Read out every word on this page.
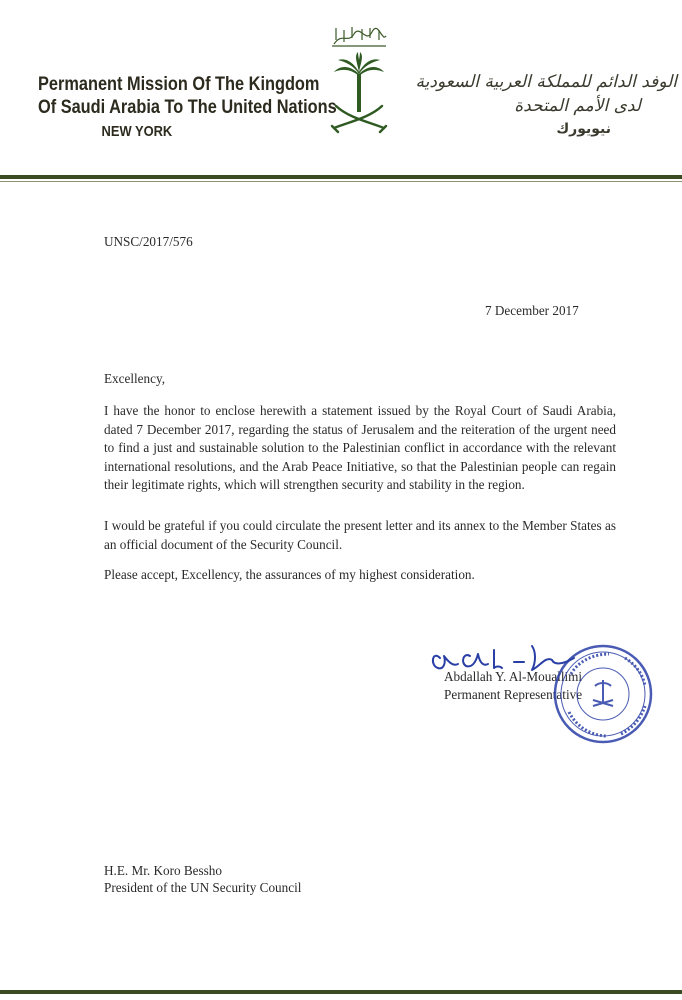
Permanent Mission Of The Kingdom
Of Saudi Arabia To The United Nations
NEW YORK
الوفد الدائم للمملكة العربية السعودية
لدى الأمم المتحدة
نيويورك
UNSC/2017/576
7 December 2017
Excellency,
I have the honor to enclose herewith a statement issued by the Royal Court of Saudi Arabia, dated 7 December 2017, regarding the status of Jerusalem and the reiteration of the urgent need to find a just and sustainable solution to the Palestinian conflict in accordance with the relevant international resolutions, and the Arab Peace Initiative, so that the Palestinian people can regain their legitimate rights, which will strengthen security and stability in the region.
I would be grateful if you could circulate the present letter and its annex to the Member States as an official document of the Security Council.
Please accept, Excellency, the assurances of my highest consideration.
Abdallah Y. Al-Mouallimi
Permanent Representative
H.E. Mr. Koro Bessho
President of the UN Security Council
